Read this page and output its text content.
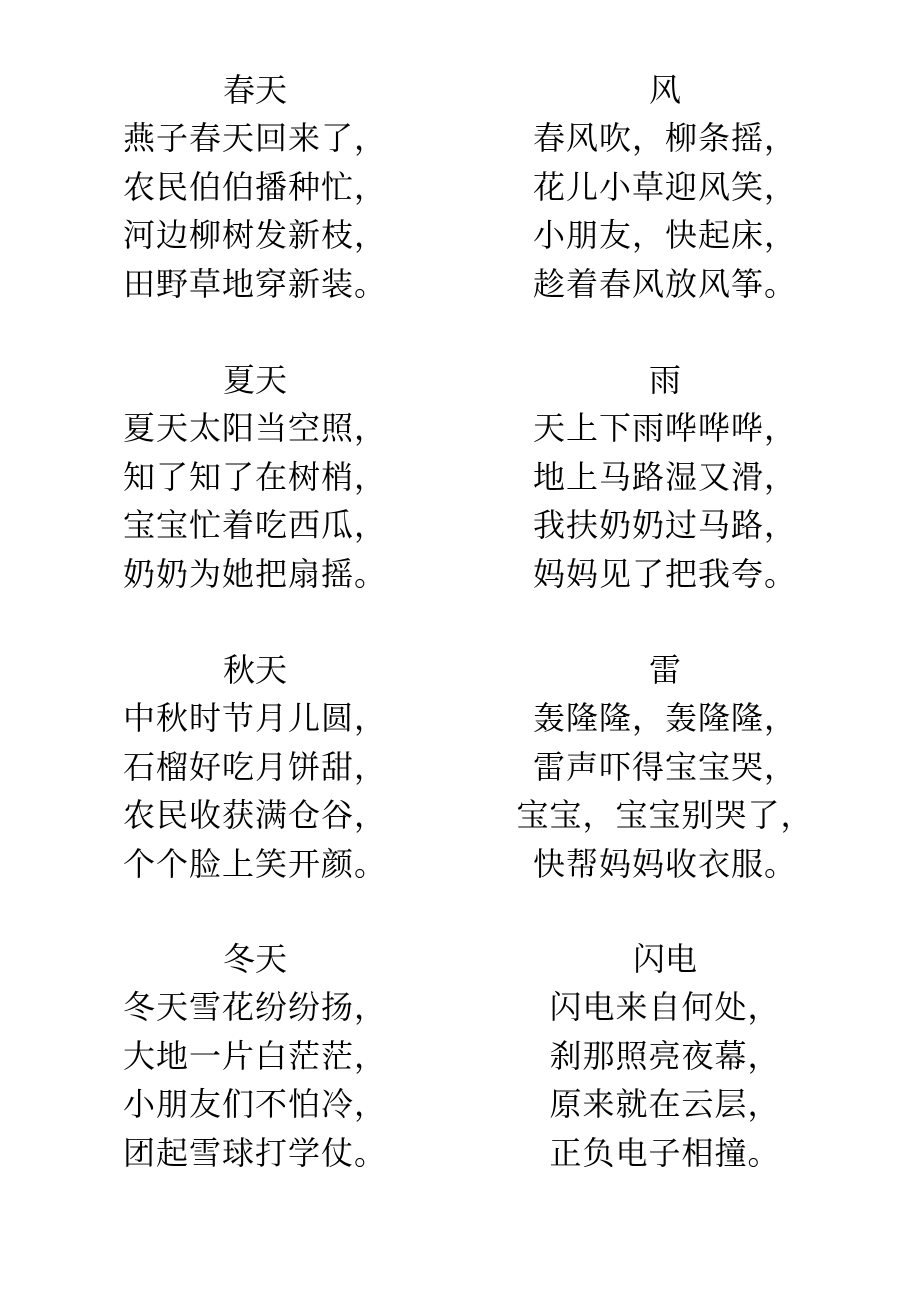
春天
燕子春天回来了，
农民伯伯播种忙，
河边柳树发新枝，
田野草地穿新装。
风
春风吹，柳条摇，
花儿小草迎风笑，
小朋友，快起床，
趁着春风放风筝。
夏天
夏天太阳当空照，
知了知了在树梢，
宝宝忙着吃西瓜，
奶奶为她把扇摇。
雨
天上下雨哗哗哗，
地上马路湿又滑，
我扶奶奶过马路，
妈妈见了把我夸。
秋天
中秋时节月儿圆，
石榴好吃月饼甜，
农民收获满仓谷，
个个脸上笑开颜。
雷
轰隆隆，轰隆隆，
雷声吓得宝宝哭，
宝宝，宝宝别哭了，
快帮妈妈收衣服。
冬天
冬天雪花纷纷扬，
大地一片白茫茫，
小朋友们不怕冷，
团起雪球打学仗。
闪电
闪电来自何处，
刹那照亮夜幕，
原来就在云层，
正负电子相撞。
